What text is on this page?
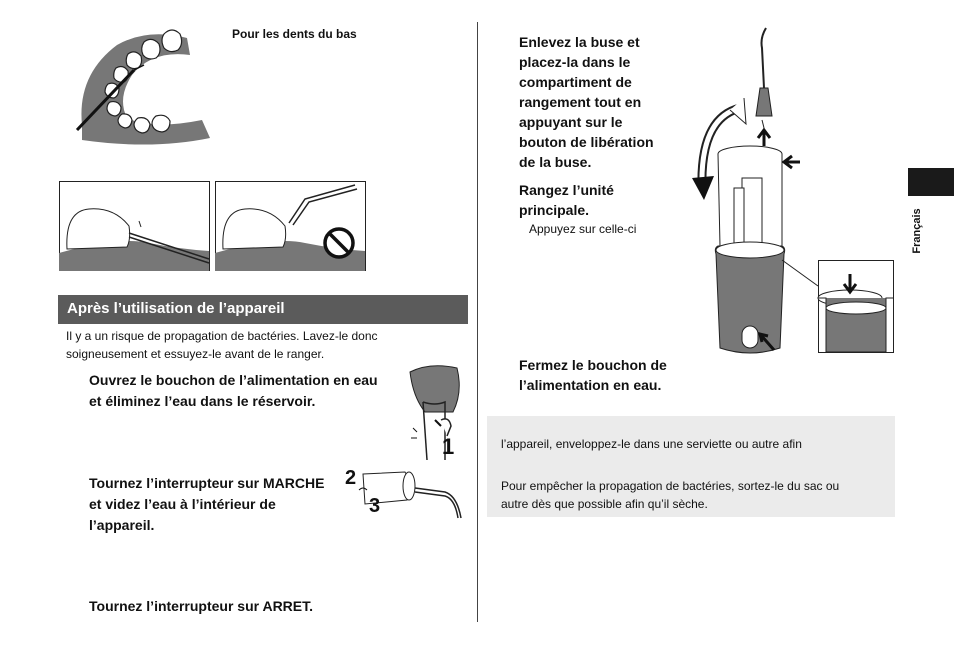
Pour les dents du bas
Après l’utilisation de l’appareil
Il y a un risque de propagation de bactéries. Lavez-le donc
soigneusement et essuyez-le avant de le ranger.
Ouvrez le bouchon de l’alimentation en eau
et éliminez l’eau dans le réservoir.
1
Tournez l’interrupteur sur MARCHE
et videz l’eau à l’intérieur de
l’appareil.
2
3
Tournez l’interrupteur sur ARRET.
Enlevez la buse et
placez-la dans le
compartiment de
rangement tout en
appuyant sur le
bouton de libération
de la buse.
Rangez l’unité
principale.
Appuyez sur celle-ci
Fermez le bouchon de
l’alimentation en eau.
l’appareil, enveloppez-le dans une serviette ou autre afin
Pour empêcher la propagation de bactéries, sortez-le du sac ou
autre dès que possible afin qu’il sèche.
Français
